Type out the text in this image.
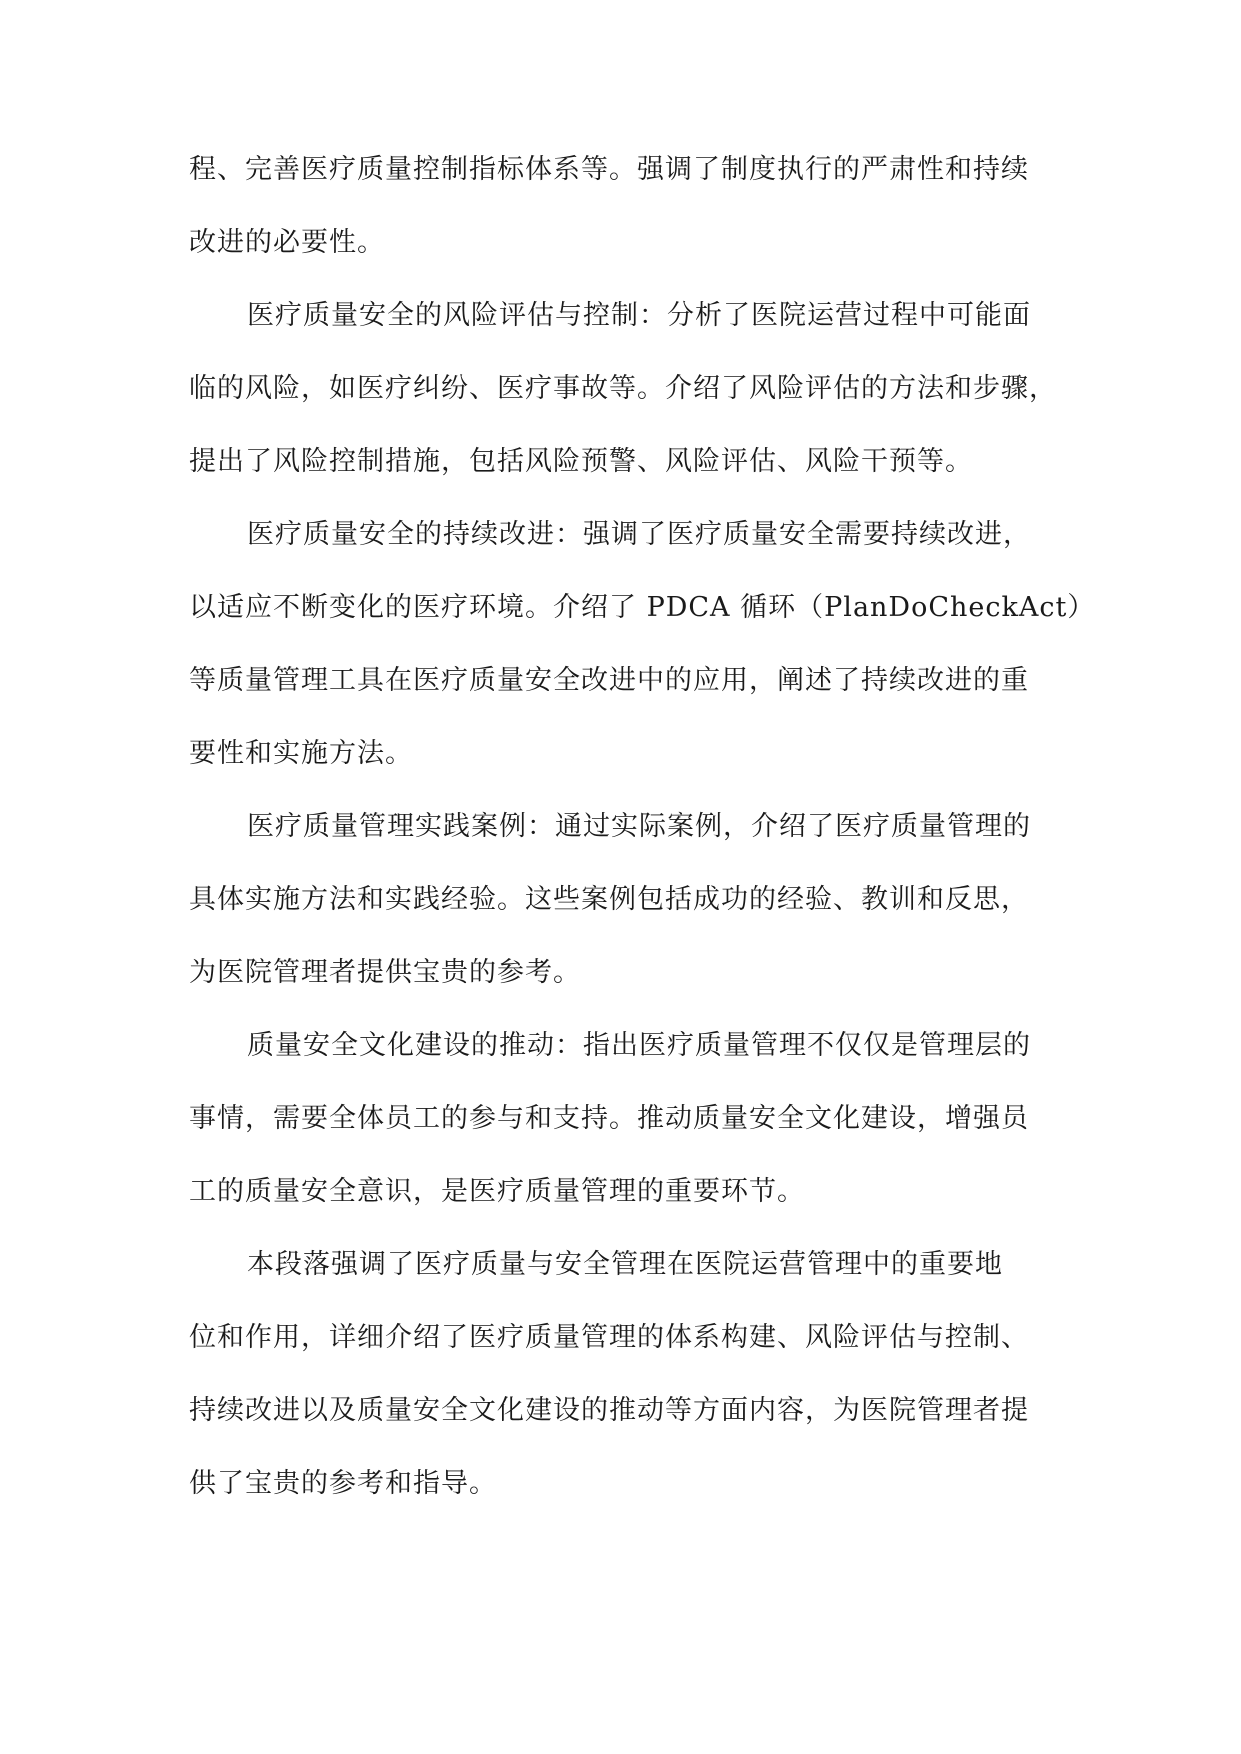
程、完善医疗质量控制指标体系等。强调了制度执行的严肃性和持续
改进的必要性。
医疗质量安全的风险评估与控制：分析了医院运营过程中可能面
临的风险，如医疗纠纷、医疗事故等。介绍了风险评估的方法和步骤，
提出了风险控制措施，包括风险预警、风险评估、风险干预等。
医疗质量安全的持续改进：强调了医疗质量安全需要持续改进，
以适应不断变化的医疗环境。介绍了 PDCA 循环（PlanDoCheckAct）
等质量管理工具在医疗质量安全改进中的应用，阐述了持续改进的重
要性和实施方法。
医疗质量管理实践案例：通过实际案例，介绍了医疗质量管理的
具体实施方法和实践经验。这些案例包括成功的经验、教训和反思，
为医院管理者提供宝贵的参考。
质量安全文化建设的推动：指出医疗质量管理不仅仅是管理层的
事情，需要全体员工的参与和支持。推动质量安全文化建设，增强员
工的质量安全意识，是医疗质量管理的重要环节。
本段落强调了医疗质量与安全管理在医院运营管理中的重要地
位和作用，详细介绍了医疗质量管理的体系构建、风险评估与控制、
持续改进以及质量安全文化建设的推动等方面内容，为医院管理者提
供了宝贵的参考和指导。
